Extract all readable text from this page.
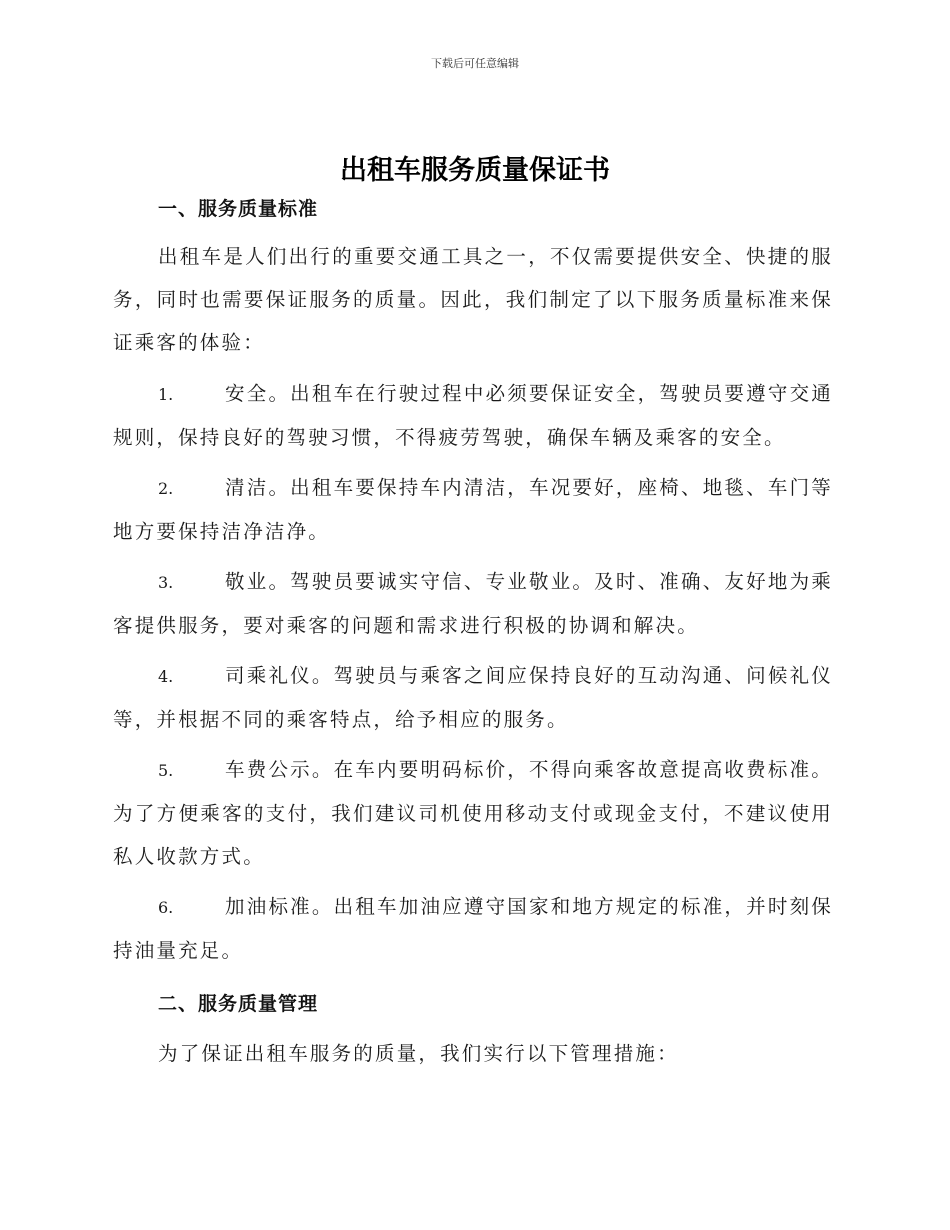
下载后可任意编辑
出租车服务质量保证书
一、服务质量标准

出租车是人们出行的重要交通工具之一，不仅需要提供安全、快捷的服务，同时也需要保证服务的质量。因此，我们制定了以下服务质量标准来保证乘客的体验：

1.	安全。出租车在行驶过程中必须要保证安全，驾驶员要遵守交通规则，保持良好的驾驶习惯，不得疲劳驾驶，确保车辆及乘客的安全。

2.	清洁。出租车要保持车内清洁，车况要好，座椅、地毯、车门等地方要保持洁净洁净。

3.	敬业。驾驶员要诚实守信、专业敬业。及时、准确、友好地为乘客提供服务，要对乘客的问题和需求进行积极的协调和解决。

4.	司乘礼仪。驾驶员与乘客之间应保持良好的互动沟通、问候礼仪等，并根据不同的乘客特点，给予相应的服务。

5.	车费公示。在车内要明码标价，不得向乘客故意提高收费标准。为了方便乘客的支付，我们建议司机使用移动支付或现金支付，不建议使用私人收款方式。

6.	加油标准。出租车加油应遵守国家和地方规定的标准，并时刻保持油量充足。

二、服务质量管理

为了保证出租车服务的质量，我们实行以下管理措施：
